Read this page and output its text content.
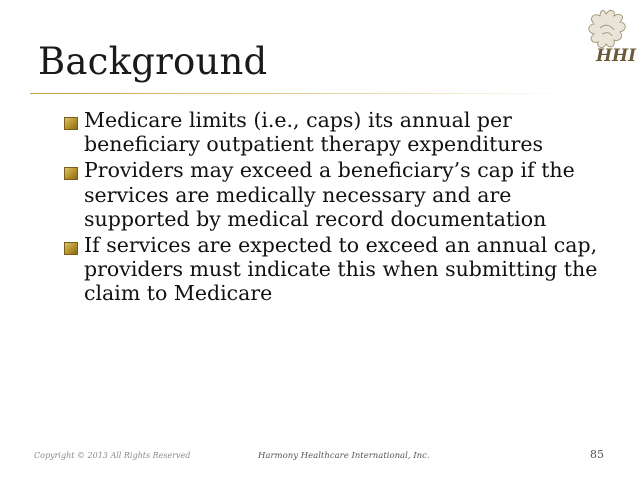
Background	HHI
Medicare limits (i.e., caps) its annual per beneficiary outpatient therapy expenditures
Providers may exceed a beneficiary’s cap if the services are medically necessary and are supported by medical record documentation
If services are expected to exceed an annual cap, providers must indicate this when submitting the claim to Medicare
Copyright © 2013 All Rights Reserved	Harmony Healthcare International, Inc.	85
